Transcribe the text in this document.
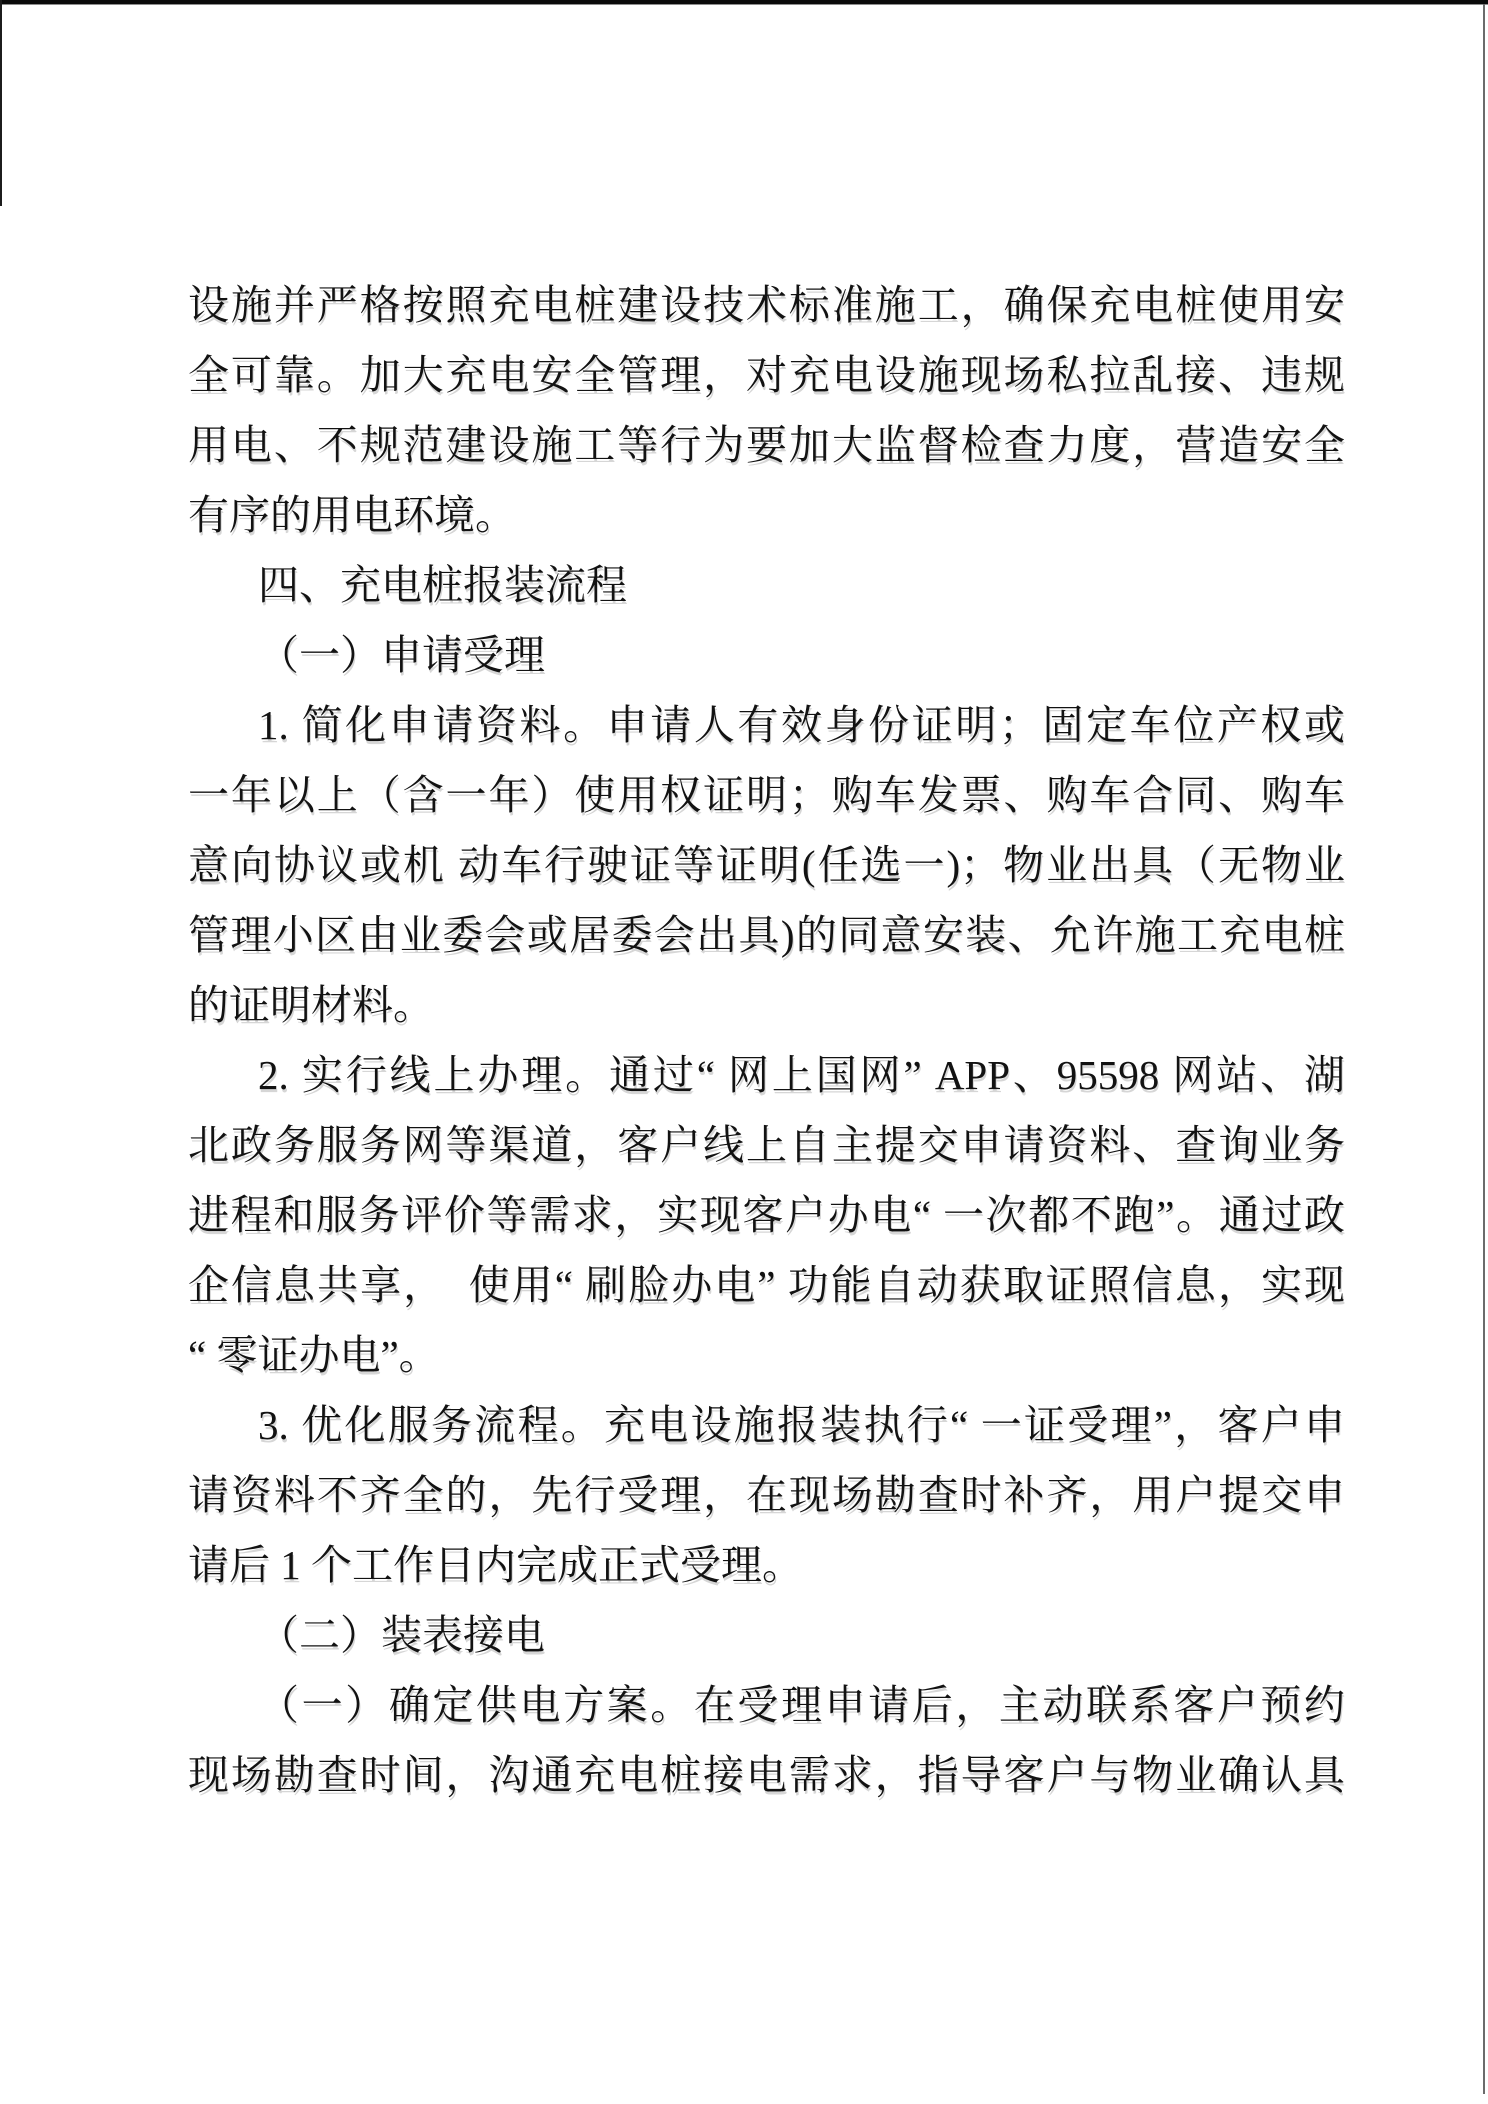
设施并严格按照充电桩建设技术标准施工，确保充电桩使用安
全可靠。加大充电安全管理，对充电设施现场私拉乱接、违规
用电、不规范建设施工等行为要加大监督检查力度，营造安全
有序的用电环境。
四、充电桩报装流程
（一）申请受理
1. 简化申请资料。申请人有效身份证明；固定车位产权或
一年以上（含一年）使用权证明；购车发票、购车合同、购车
意向协议或机 动车行驶证等证明(任选一)；物业出具（无物业
管理小区由业委会或居委会出具)的同意安装、允许施工充电桩
的证明材料。
2. 实行线上办理。通过“ 网上国网” APP、95598 网站、湖
北政务服务网等渠道，客户线上自主提交申请资料、查询业务
进程和服务评价等需求，实现客户办电“ 一次都不跑”。通过政
企信息共享，　使用“ 刷脸办电” 功能自动获取证照信息，实现
“ 零证办电”。
3. 优化服务流程。充电设施报装执行“ 一证受理”，客户申
请资料不齐全的，先行受理，在现场勘查时补齐，用户提交申
请后 1 个工作日内完成正式受理。
（二）装表接电
（一）确定供电方案。在受理申请后，主动联系客户预约
现场勘查时间，沟通充电桩接电需求，指导客户与物业确认具
